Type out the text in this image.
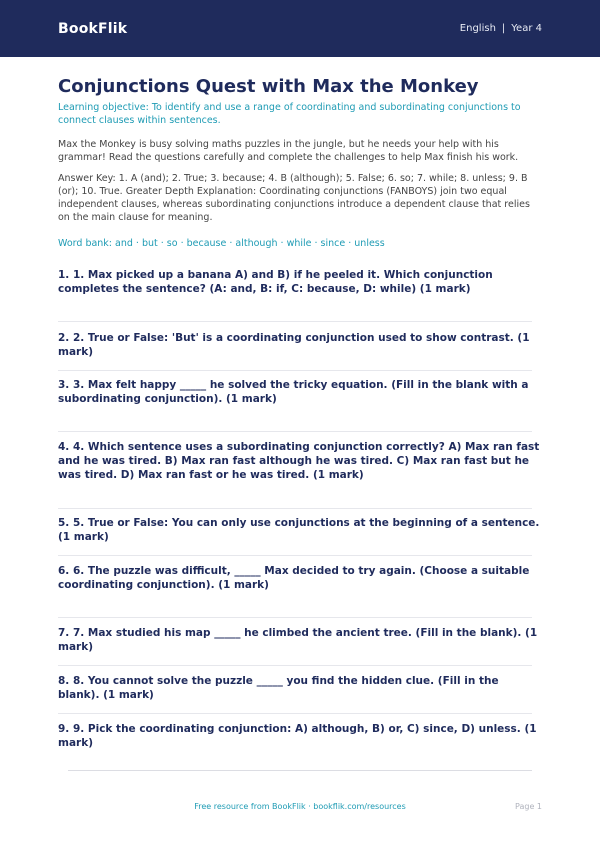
BookFlik	English | Year 4
Conjunctions Quest with Max the Monkey
Learning objective: To identify and use a range of coordinating and subordinating conjunctions to connect clauses within sentences.
Max the Monkey is busy solving maths puzzles in the jungle, but he needs your help with his grammar! Read the questions carefully and complete the challenges to help Max finish his work.
Answer Key: 1. A (and); 2. True; 3. because; 4. B (although); 5. False; 6. so; 7. while; 8. unless; 9. B (or); 10. True. Greater Depth Explanation: Coordinating conjunctions (FANBOYS) join two equal independent clauses, whereas subordinating conjunctions introduce a dependent clause that relies on the main clause for meaning.
Word bank: and · but · so · because · although · while · since · unless
1. 1. Max picked up a banana A) and B) if he peeled it. Which conjunction completes the sentence? (A: and, B: if, C: because, D: while) (1 mark)
2. 2. True or False: 'But' is a coordinating conjunction used to show contrast. (1 mark)
3. 3. Max felt happy _____ he solved the tricky equation. (Fill in the blank with a subordinating conjunction). (1 mark)
4. 4. Which sentence uses a subordinating conjunction correctly? A) Max ran fast and he was tired. B) Max ran fast although he was tired. C) Max ran fast but he was tired. D) Max ran fast or he was tired. (1 mark)
5. 5. True or False: You can only use conjunctions at the beginning of a sentence. (1 mark)
6. 6. The puzzle was difficult, _____ Max decided to try again. (Choose a suitable coordinating conjunction). (1 mark)
7. 7. Max studied his map _____ he climbed the ancient tree. (Fill in the blank). (1 mark)
8. 8. You cannot solve the puzzle _____ you find the hidden clue. (Fill in the blank). (1 mark)
9. 9. Pick the coordinating conjunction: A) although, B) or, C) since, D) unless. (1 mark)
Free resource from BookFlik · bookflik.com/resources	Page 1
